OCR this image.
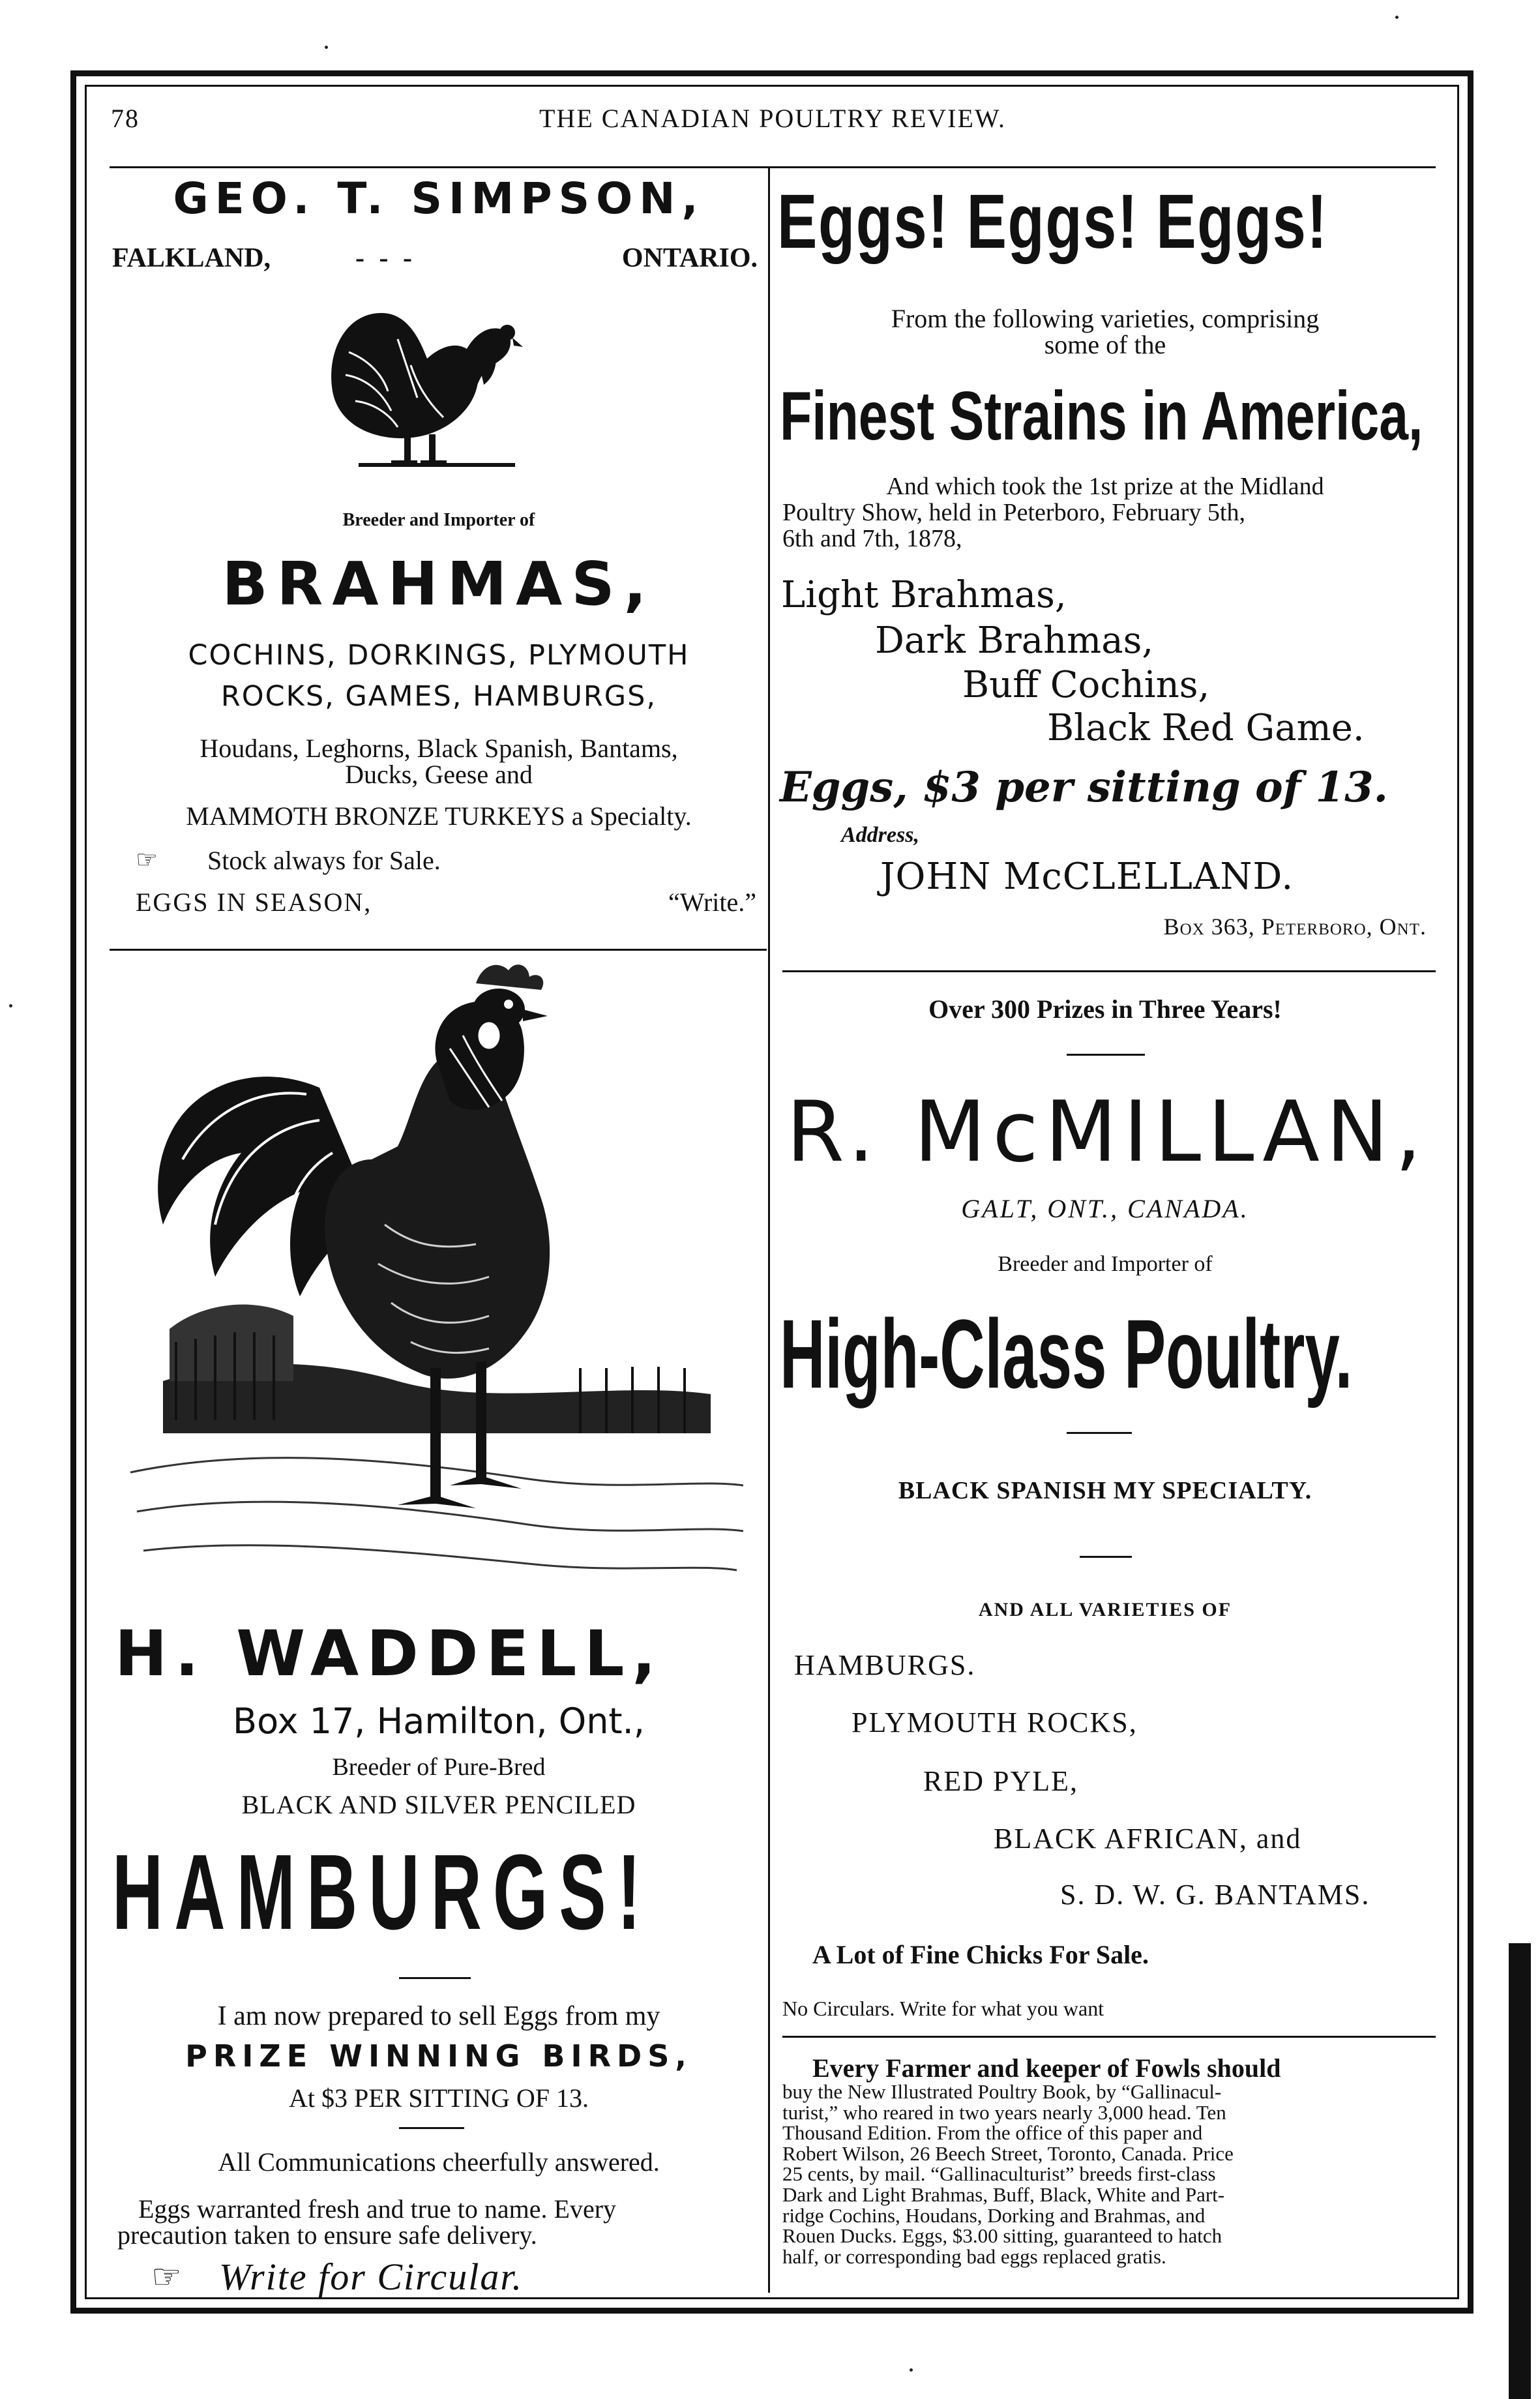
78	THE CANADIAN POULTRY REVIEW.
GEO. T. SIMPSON,
FALKLAND,	- - -	ONTARIO.
Breeder and Importer of
BRAHMAS,
COCHINS, DORKINGS, PLYMOUTH
ROCKS, GAMES, HAMBURGS,
Houdans, Leghorns, Black Spanish, Bantams,
Ducks, Geese and
MAMMOTH BRONZE TURKEYS a Specialty.
☞ Stock always for Sale.
EGGS IN SEASON,	“Write.”
Eggs! Eggs! Eggs!
From the following varieties, comprising
some of the
Finest Strains in America,
And which took the 1st prize at the Midland
Poultry Show, held in Peterboro, February 5th,
6th and 7th, 1878,
Light Brahmas,
Dark Brahmas,
Buff Cochins,
Black Red Game.
Eggs, $3 per sitting of 13.
Address,
JOHN McCLELLAND.
Box 363, Peterboro, Ont.
Over 300 Prizes in Three Years!
R. McMILLAN,
GALT, ONT., CANADA.
Breeder and Importer of
High-Class Poultry.
BLACK SPANISH MY SPECIALTY.
AND ALL VARIETIES OF
HAMBURGS.
PLYMOUTH ROCKS,
RED PYLE,
BLACK AFRICAN, and
S. D. W. G. BANTAMS.
A Lot of Fine Chicks For Sale.
No Circulars. Write for what you want
Every Farmer and keeper of Fowls should
buy the New Illustrated Poultry Book, by “Gallinacul-
turist,” who reared in two years nearly 3,000 head. Ten
Thousand Edition. From the office of this paper and
Robert Wilson, 26 Beech Street, Toronto, Canada. Price
25 cents, by mail. “Gallinaculturist” breeds first-class
Dark and Light Brahmas, Buff, Black, White and Part-
ridge Cochins, Houdans, Dorking and Brahmas, and
Rouen Ducks. Eggs, $3.00 sitting, guaranteed to hatch
half, or corresponding bad eggs replaced gratis.
H. WADDELL,
Box 17, Hamilton, Ont.,
Breeder of Pure-Bred
BLACK AND SILVER PENCILED
HAMBURGS!
I am now prepared to sell Eggs from my
PRIZE WINNING BIRDS,
At $3 PER SITTING OF 13.
All Communications cheerfully answered.
Eggs warranted fresh and true to name. Every
precaution taken to ensure safe delivery.
☞ Write for Circular.
